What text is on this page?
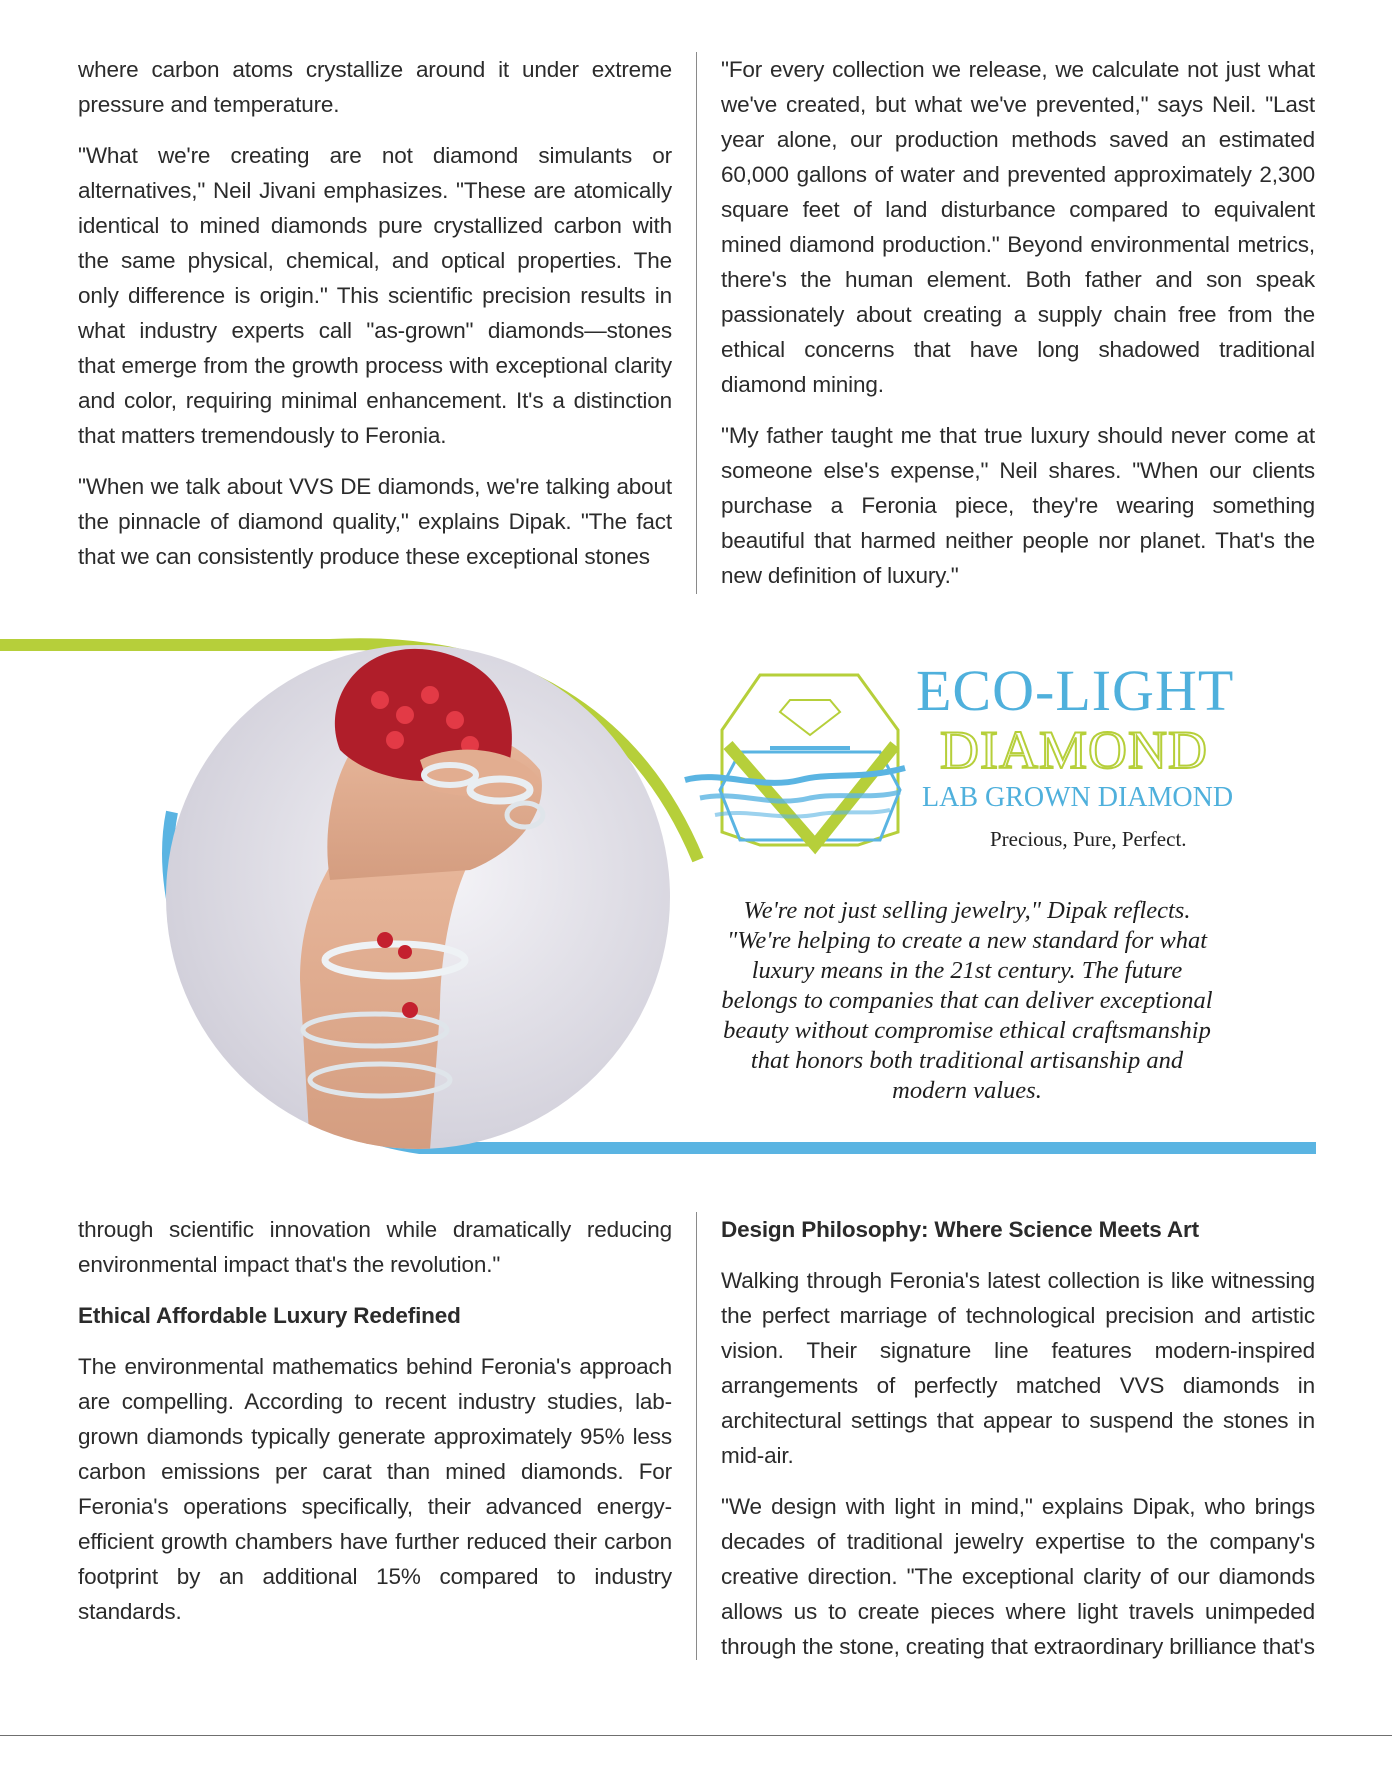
where carbon atoms crystallize around it under extreme pressure and temperature.

"What we're creating are not diamond simulants or alternatives," Neil Jivani emphasizes. "These are atomically identical to mined diamonds pure crystallized carbon with the same physical, chemical, and optical properties. The only difference is origin." This scientific precision results in what industry experts call "as-grown" diamonds—stones that emerge from the growth process with exceptional clarity and color, requiring minimal enhancement. It's a distinction that matters tremendously to Feronia.

"When we talk about VVS DE diamonds, we're talking about the pinnacle of diamond quality," explains Dipak. "The fact that we can consistently produce these exceptional stones

"For every collection we release, we calculate not just what we've created, but what we've prevented," says Neil. "Last year alone, our production methods saved an estimated 60,000 gallons of water and prevented approximately 2,300 square feet of land disturbance compared to equivalent mined diamond production." Beyond environmental metrics, there's the human element. Both father and son speak passionately about creating a supply chain free from the ethical concerns that have long shadowed traditional diamond mining.

"My father taught me that true luxury should never come at someone else's expense," Neil shares. "When our clients purchase a Feronia piece, they're wearing something beautiful that harmed neither people nor planet. That's the new definition of luxury."

ECO-LIGHT
DIAMOND
LAB GROWN DIAMOND
Precious, Pure, Perfect.
We're not just selling jewelry," Dipak reflects. "We're helping to create a new standard for what luxury means in the 21st century. The future belongs to companies that can deliver exceptional beauty without compromise ethical craftsmanship that honors both traditional artisanship and modern values.

through scientific innovation while dramatically reducing environmental impact that's the revolution."

Ethical Affordable Luxury Redefined

The environmental mathematics behind Feronia's approach are compelling. According to recent industry studies, lab-grown diamonds typically generate approximately 95% less carbon emissions per carat than mined diamonds. For Feronia's operations specifically, their advanced energy-efficient growth chambers have further reduced their carbon footprint by an additional 15% compared to industry standards.

Design Philosophy: Where Science Meets Art

Walking through Feronia's latest collection is like witnessing the perfect marriage of technological precision and artistic vision. Their signature line features modern-inspired arrangements of perfectly matched VVS diamonds in architectural settings that appear to suspend the stones in mid-air.

"We design with light in mind," explains Dipak, who brings decades of traditional jewelry expertise to the company's creative direction. "The exceptional clarity of our diamonds allows us to create pieces where light travels unimpeded through the stone, creating that extraordinary brilliance that's
